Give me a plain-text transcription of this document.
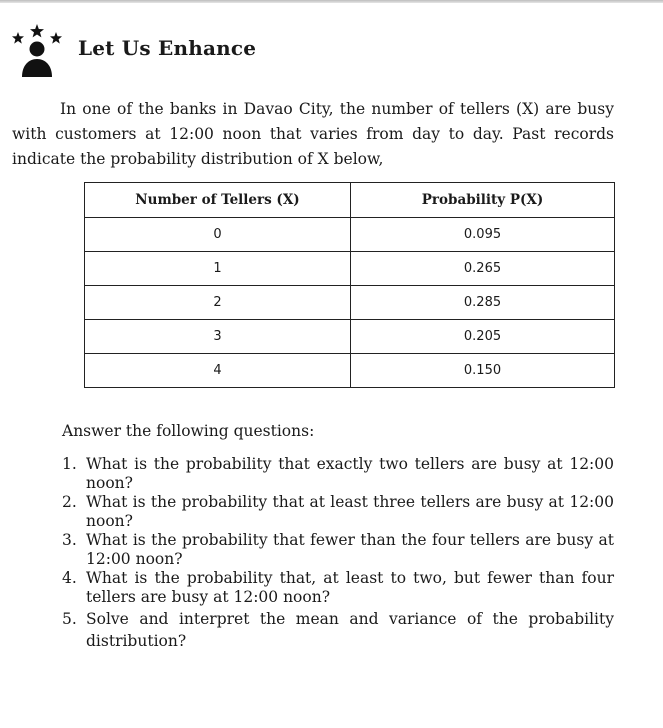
Let Us Enhance
In one of the banks in Davao City, the number of tellers (X) are busy with customers at 12:00 noon that varies from day to day. Past records indicate the probability distribution of X below,
Number of Tellers (X)	Probability P(X)
0	0.095
1	0.265
2	0.285
3	0.205
4	0.150
Answer the following questions:
1. What is the probability that exactly two tellers are busy at 12:00 noon?
2. What is the probability that at least three tellers are busy at 12:00 noon?
3. What is the probability that fewer than the four tellers are busy at 12:00 noon?
4. What is the probability that, at least to two, but fewer than four tellers are busy at 12:00 noon?
5. Solve and interpret the mean and variance of the probability distribution?
